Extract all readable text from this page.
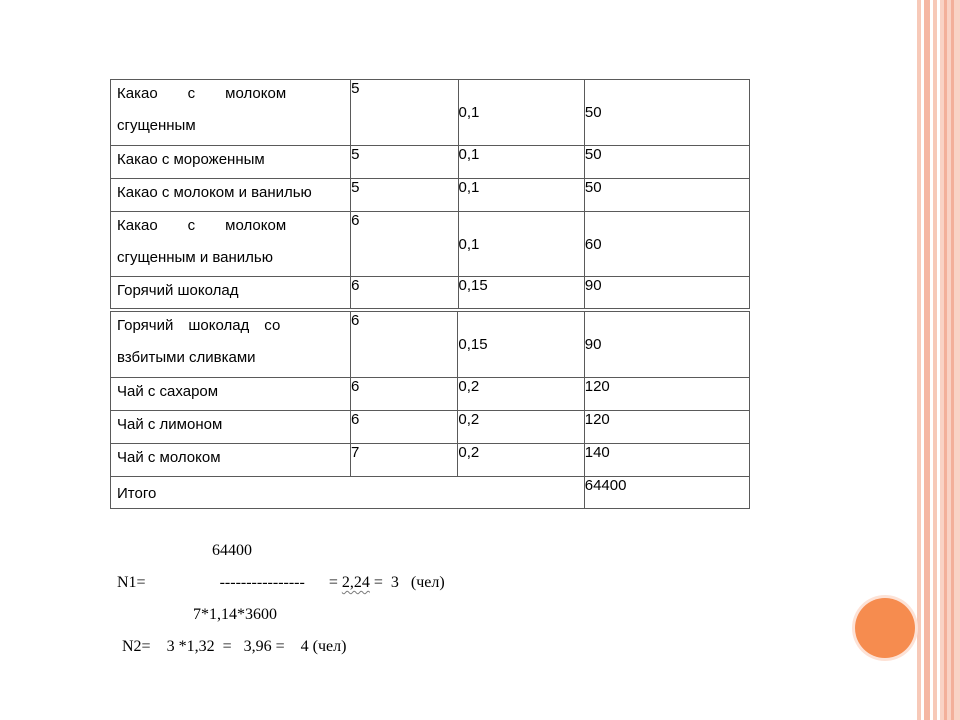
Какао  с  молоком
сгущенным	5	0,1	50

Какао с мороженным	5	0,1	50

Какао с молоком и ванилью	5	0,1	50

Какао  с  молоком
сгущенным и ванилью	6	0,1	60

Горячий шоколад	6	0,15	90
Горячий шоколад со
взбитыми сливками	6	0,15	90

Чай с сахаром	6	0,2	120

Чай с лимоном	6	0,2	120

Чай с молоком	7	0,2	140

Итого			64400
64400
N1=	---------------- = 2,24 =  3   (чел)
7*1,14*3600
N2=    3 *1,32  =   3,96 =    4 (чел)
